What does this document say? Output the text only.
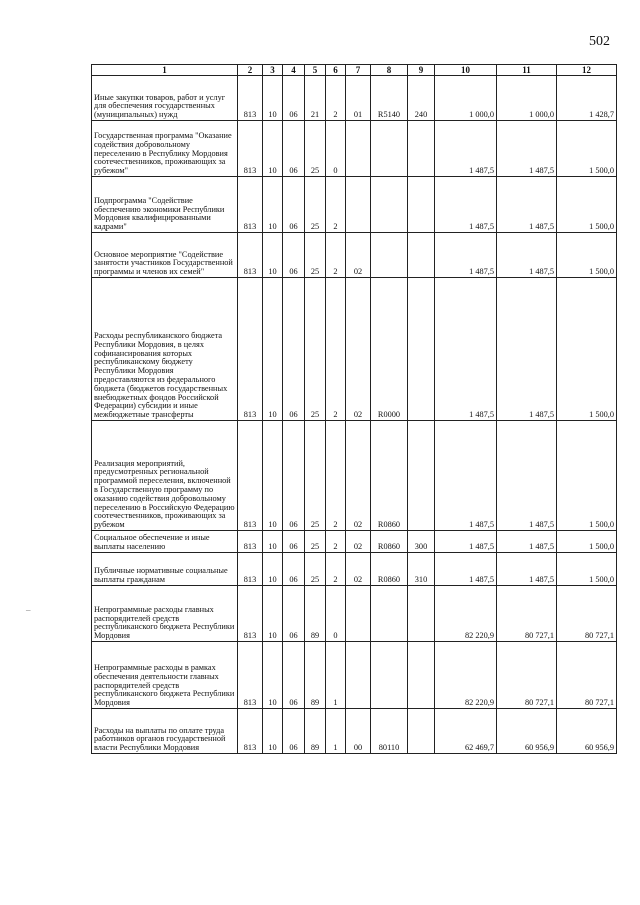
502
1	2	3	4	5	6	7	8	9	10	11	12
Иные закупки товаров, работ и услуг для обеспечения государственных (муниципальных) нужд	813	10	06	21	2	01	R5140	240	1 000,0	1 000,0	1 428,7
Государственная программа "Оказание содействия добровольному переселению в Республику Мордовия соотечественников, проживающих за рубежом"	813	10	06	25	0				1 487,5	1 487,5	1 500,0
Подпрограмма "Содействие обеспечению экономики Республики Мордовия квалифицированными кадрами"	813	10	06	25	2				1 487,5	1 487,5	1 500,0
Основное мероприятие "Содействие занятости участников Государственной программы и членов их семей"	813	10	06	25	2	02			1 487,5	1 487,5	1 500,0
Расходы республиканского бюджета Республики Мордовия, в целях софинансирования которых республиканскому бюджету Республики Мордовия предоставляются из федерального бюджета (бюджетов государственных внебюджетных фондов Российской Федерации) субсидии и иные межбюджетные трансферты	813	10	06	25	2	02	R0000		1 487,5	1 487,5	1 500,0
Реализация мероприятий, предусмотренных региональной программой переселения, включенной в Государственную программу по оказанию содействия добровольному переселению в Российскую Федерацию соотечественников, проживающих за рубежом	813	10	06	25	2	02	R0860		1 487,5	1 487,5	1 500,0
Социальное обеспечение и иные выплаты населению	813	10	06	25	2	02	R0860	300	1 487,5	1 487,5	1 500,0
Публичные нормативные социальные выплаты гражданам	813	10	06	25	2	02	R0860	310	1 487,5	1 487,5	1 500,0
Непрограммные расходы главных распорядителей средств республиканского бюджета Республики Мордовия	813	10	06	89	0				82 220,9	80 727,1	80 727,1
Непрограммные расходы в рамках обеспечения деятельности главных распорядителей средств республиканского бюджета Республики Мордовия	813	10	06	89	1				82 220,9	80 727,1	80 727,1
Расходы на выплаты по оплате труда работников органов государственной власти Республики Мордовия	813	10	06	89	1	00	80110		62 469,7	60 956,9	60 956,9
–
